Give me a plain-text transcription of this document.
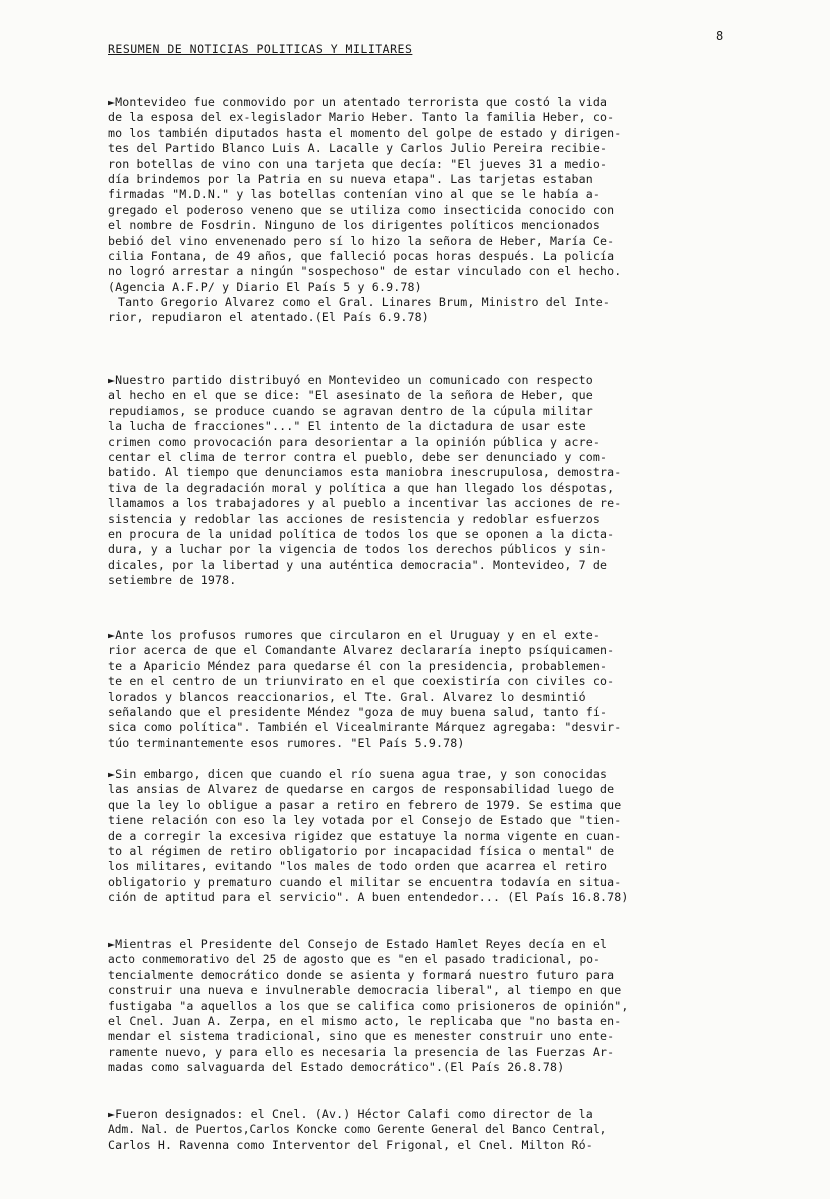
RESUMEN DE NOTICIAS POLITICAS Y MILITARES
8
►Montevideo fue conmovido por un atentado terrorista que costó la vida
de la esposa del ex-legislador Mario Heber. Tanto la familia Heber, co-
mo los también diputados hasta el momento del golpe de estado y dirigen-
tes del Partido Blanco Luis A. Lacalle y Carlos Julio Pereira recibie-
ron botellas de vino con una tarjeta que decía: "El jueves 31 a medio-
día brindemos por la Patria en su nueva etapa". Las tarjetas estaban
firmadas "M.D.N." y las botellas contenían vino al que se le había a-
gregado el poderoso veneno que se utiliza como insecticida conocido con
el nombre de Fosdrin. Ninguno de los dirigentes políticos mencionados
bebió del vino envenenado pero sí lo hizo la señora de Heber, María Ce-
cilia Fontana, de 49 años, que falleció pocas horas después. La policía
no logró arrestar a ningún "sospechoso" de estar vinculado con el hecho.
(Agencia A.F.P/ y Diario El País 5 y 6.9.78)
Tanto Gregorio Alvarez como el Gral. Linares Brum, Ministro del Inte-
rior, repudiaron el atentado.(El País 6.9.78)
►Nuestro partido distribuyó en Montevideo un comunicado con respecto
al hecho en el que se dice: "El asesinato de la señora de Heber, que
repudiamos, se produce cuando se agravan dentro de la cúpula militar
la lucha de fracciones"..." El intento de la dictadura de usar este
crimen como provocación para desorientar a la opinión pública y acre-
centar el clima de terror contra el pueblo, debe ser denunciado y com-
batido. Al tiempo que denunciamos esta maniobra inescrupulosa, demostra-
tiva de la degradación moral y política a que han llegado los déspotas,
llamamos a los trabajadores y al pueblo a incentivar las acciones de re-
sistencia y redoblar las acciones de resistencia y redoblar esfuerzos
en procura de la unidad política de todos los que se oponen a la dicta-
dura, y a luchar por la vigencia de todos los derechos públicos y sin-
dicales, por la libertad y una auténtica democracia". Montevideo, 7 de
setiembre de 1978.
►Ante los profusos rumores que circularon en el Uruguay y en el exte-
rior acerca de que el Comandante Alvarez declararía inepto psíquicamen-
te a Aparicio Méndez para quedarse él con la presidencia, probablemen-
te en el centro de un triunvirato en el que coexistiría con civiles co-
lorados y blancos reaccionarios, el Tte. Gral. Alvarez lo desmintió
señalando que el presidente Méndez "goza de muy buena salud, tanto fí-
sica como política". También el Vicealmirante Márquez agregaba: "desvir-
túo terminantemente esos rumores. "El País 5.9.78)
►Sin embargo, dicen que cuando el río suena agua trae, y son conocidas
las ansias de Alvarez de quedarse en cargos de responsabilidad luego de
que la ley lo obligue a pasar a retiro en febrero de 1979. Se estima que
tiene relación con eso la ley votada por el Consejo de Estado que "tien-
de a corregir la excesiva rigidez que estatuye la norma vigente en cuan-
to al régimen de retiro obligatorio por incapacidad física o mental" de
los militares, evitando "los males de todo orden que acarrea el retiro
obligatorio y prematuro cuando el militar se encuentra todavía en situa-
ción de aptitud para el servicio". A buen entendedor... (El País 16.8.78)
►Mientras el Presidente del Consejo de Estado Hamlet Reyes decía en el
acto conmemorativo del 25 de agosto que es "en el pasado tradicional, po-
tencialmente democrático donde se asienta y formará nuestro futuro para
construir una nueva e invulnerable democracia liberal", al tiempo en que
fustigaba "a aquellos a los que se califica como prisioneros de opinión",
el Cnel. Juan A. Zerpa, en el mismo acto, le replicaba que "no basta en-
mendar el sistema tradicional, sino que es menester construir uno ente-
ramente nuevo, y para ello es necesaria la presencia de las Fuerzas Ar-
madas como salvaguarda del Estado democrático".(El País 26.8.78)
►Fueron designados: el Cnel. (Av.) Héctor Calafi como director de la
Adm. Nal. de Puertos,Carlos Koncke como Gerente General del Banco Central,
Carlos H. Ravenna como Interventor del Frigonal, el Cnel. Milton Ró-
